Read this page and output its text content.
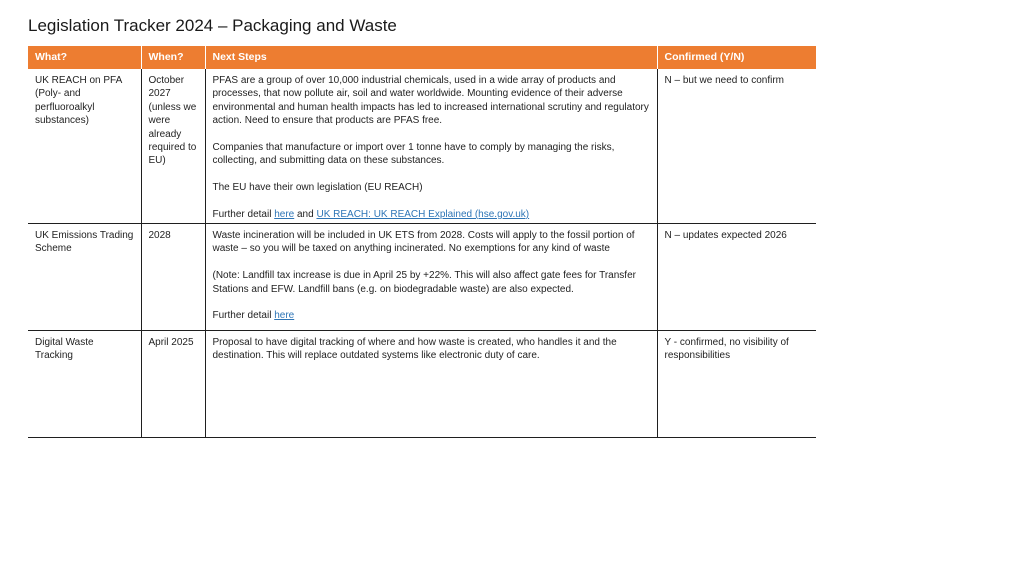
Legislation Tracker 2024 – Packaging and Waste
What?	When?	Next Steps	Confirmed (Y/N)
UK REACH on PFA (Poly- and perfluoroalkyl substances)	October 2027 (unless we were already required to EU)	PFAS are a group of over 10,000 industrial chemicals, used in a wide array of products and processes, that now pollute air, soil and water worldwide. Mounting evidence of their adverse environmental and human health impacts has led to increased international scrutiny and regulatory action. Need to ensure that products are PFAS free.

Companies that manufacture or import over 1 tonne have to comply by managing the risks, collecting, and submitting data on these substances.

The EU have their own legislation (EU REACH)

Further detail here and UK REACH: UK REACH Explained (hse.gov.uk)	N – but we need to confirm
UK Emissions Trading Scheme	2028	Waste incineration will be included in UK ETS from 2028. Costs will apply to the fossil portion of waste – so you will be taxed on anything incinerated. No exemptions for any kind of waste

(Note: Landfill tax increase is due in April 25 by +22%. This will also affect gate fees for Transfer Stations and EFW. Landfill bans (e.g. on biodegradable waste) are also expected.

Further detail here	N – updates expected 2026
Digital Waste Tracking	April 2025	Proposal to have digital tracking of where and how waste is created, who handles it and the destination. This will replace outdated systems like electronic duty of care.	Y - confirmed, no visibility of responsibilities
